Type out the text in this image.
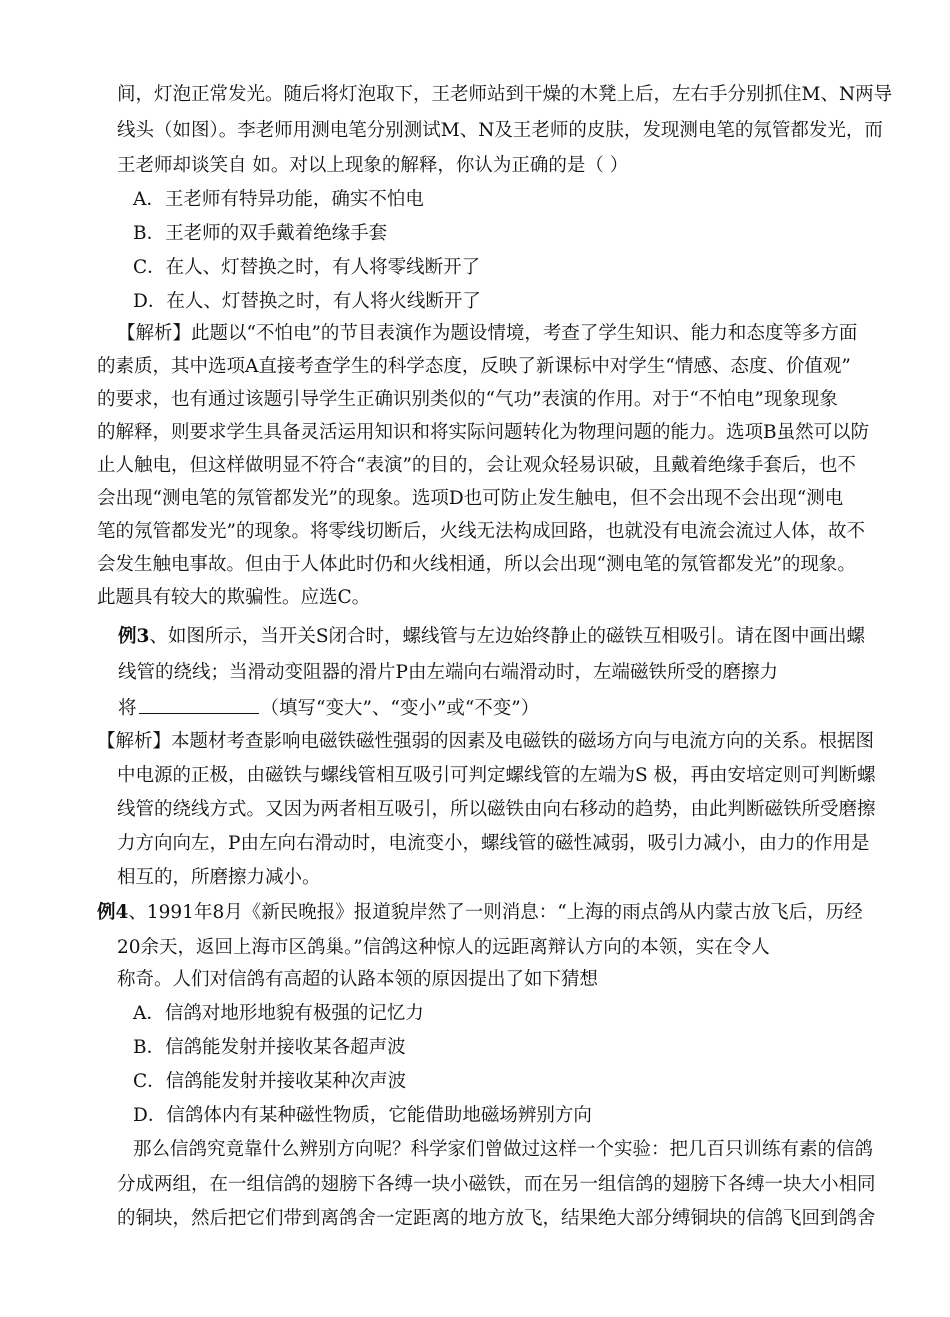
间，灯泡正常发光。随后将灯泡取下，王老师站到干燥的木凳上后，左右手分别抓住M、N两导
线头（如图）。李老师用测电笔分别测试M、N及王老师的皮肤，发现测电笔的氖管都发光，而
王老师却谈笑自 如。对以上现象的解释，你认为正确的是（ ）
A．王老师有特异功能，确实不怕电
B．王老师的双手戴着绝缘手套
C．在人、灯替换之时，有人将零线断开了
D．在人、灯替换之时，有人将火线断开了
【解析】此题以“不怕电”的节目表演作为题设情境，考查了学生知识、能力和态度等多方面
的素质，其中选项A直接考查学生的科学态度，反映了新课标中对学生“情感、态度、价值观”
的要求，也有通过该题引导学生正确识别类似的“气功”表演的作用。对于“不怕电”现象现象
的解释，则要求学生具备灵活运用知识和将实际问题转化为物理问题的能力。选项B虽然可以防
止人触电，但这样做明显不符合“表演”的目的，会让观众轻易识破，且戴着绝缘手套后，也不
会出现“测电笔的氖管都发光”的现象。选项D也可防止发生触电，但不会出现不会出现“测电
笔的氖管都发光”的现象。将零线切断后，火线无法构成回路，也就没有电流会流过人体，故不
会发生触电事故。但由于人体此时仍和火线相通，所以会出现“测电笔的氖管都发光”的现象。
此题具有较大的欺骗性。应选C。
例3、如图所示，当开关S闭合时，螺线管与左边始终静止的磁铁互相吸引。请在图中画出螺
线管的绕线；当滑动变阻器的滑片P由左端向右端滑动时，左端磁铁所受的磨擦力
将	（填写“变大”、“变小”或“不变”）
【解析】本题材考查影响电磁铁磁性强弱的因素及电磁铁的磁场方向与电流方向的关系。根据图
中电源的正极，由磁铁与螺线管相互吸引可判定螺线管的左端为S 极，再由安培定则可判断螺
线管的绕线方式。又因为两者相互吸引，所以磁铁由向右移动的趋势，由此判断磁铁所受磨擦
力方向向左，P由左向右滑动时，电流变小，螺线管的磁性减弱，吸引力减小，由力的作用是
相互的，所磨擦力减小。
例4、1991年8月《新民晚报》报道貌岸然了一则消息：“上海的雨点鸽从内蒙古放飞后，历经
20余天，返回上海市区鸽巢。”信鸽这种惊人的远距离辩认方向的本领，实在令人
称奇。人们对信鸽有高超的认路本领的原因提出了如下猜想
A．信鸽对地形地貌有极强的记忆力
B．信鸽能发射并接收某各超声波
C．信鸽能发射并接收某种次声波
D．信鸽体内有某种磁性物质，它能借助地磁场辨别方向
那么信鸽究竟靠什么辨别方向呢？科学家们曾做过这样一个实验：把几百只训练有素的信鸽
分成两组，在一组信鸽的翅膀下各缚一块小磁铁，而在另一组信鸽的翅膀下各缚一块大小相同
的铜块，然后把它们带到离鸽舍一定距离的地方放飞，结果绝大部分缚铜块的信鸽飞回到鸽舍
